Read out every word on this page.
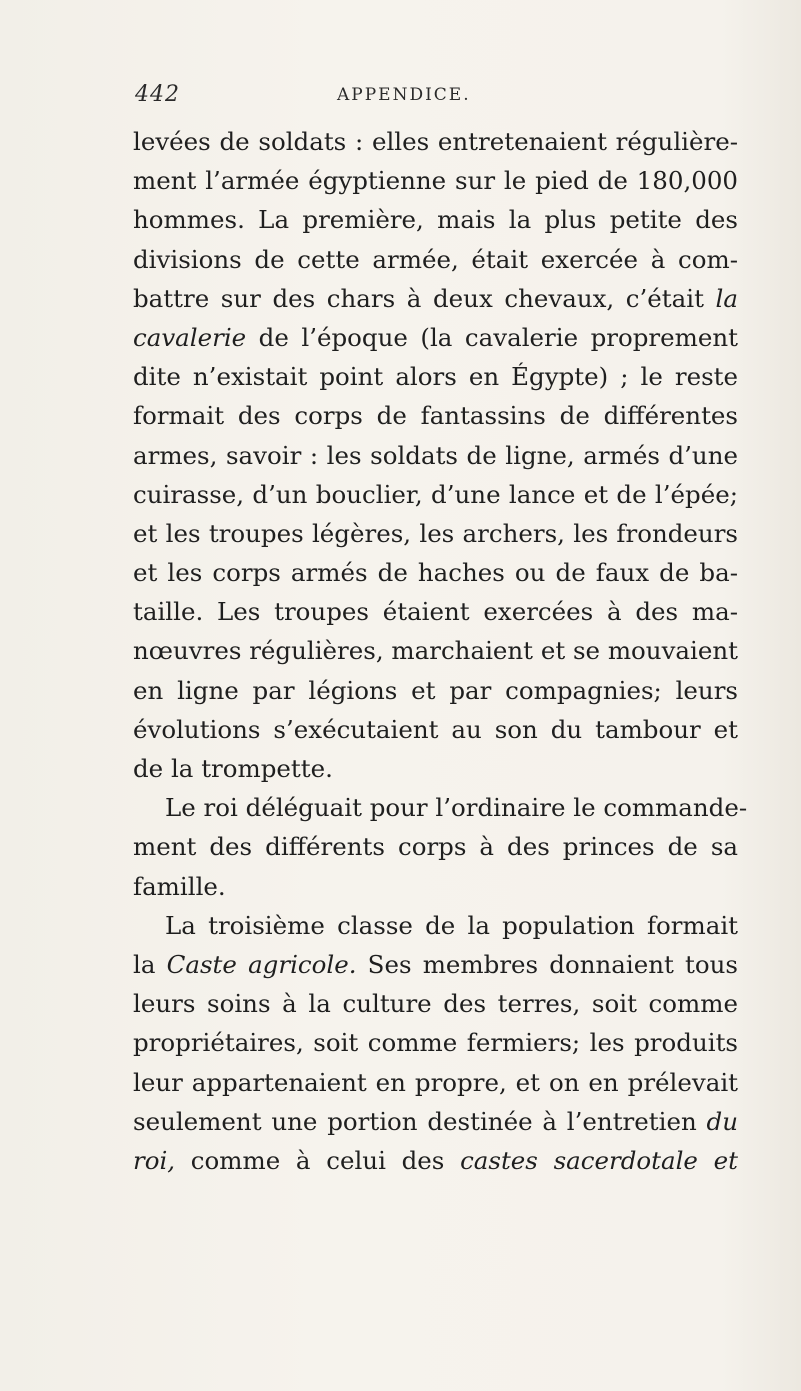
442	APPENDICE.
levées de soldats : elles entretenaient régulière-
ment l’armée égyptienne sur le pied de 180,000
hommes. La première, mais la plus petite des
divisions de cette armée, était exercée à com-
battre sur des chars à deux chevaux, c’était la
cavalerie de l’époque (la cavalerie proprement
dite n’existait point alors en Égypte) ; le reste
formait des corps de fantassins de différentes
armes, savoir : les soldats de ligne, armés d’une
cuirasse, d’un bouclier, d’une lance et de l’épée;
et les troupes légères, les archers, les frondeurs
et les corps armés de haches ou de faux de ba-
taille. Les troupes étaient exercées à des ma-
nœuvres régulières, marchaient et se mouvaient
en ligne par légions et par compagnies; leurs
évolutions s’exécutaient au son du tambour et
de la trompette.
Le roi déléguait pour l’ordinaire le commande-
ment des différents corps à des princes de sa
famille.
La troisième classe de la population formait
la Caste agricole. Ses membres donnaient tous
leurs soins à la culture des terres, soit comme
propriétaires, soit comme fermiers; les produits
leur appartenaient en propre, et on en prélevait
seulement une portion destinée à l’entretien du
roi, comme à celui des castes sacerdotale et
